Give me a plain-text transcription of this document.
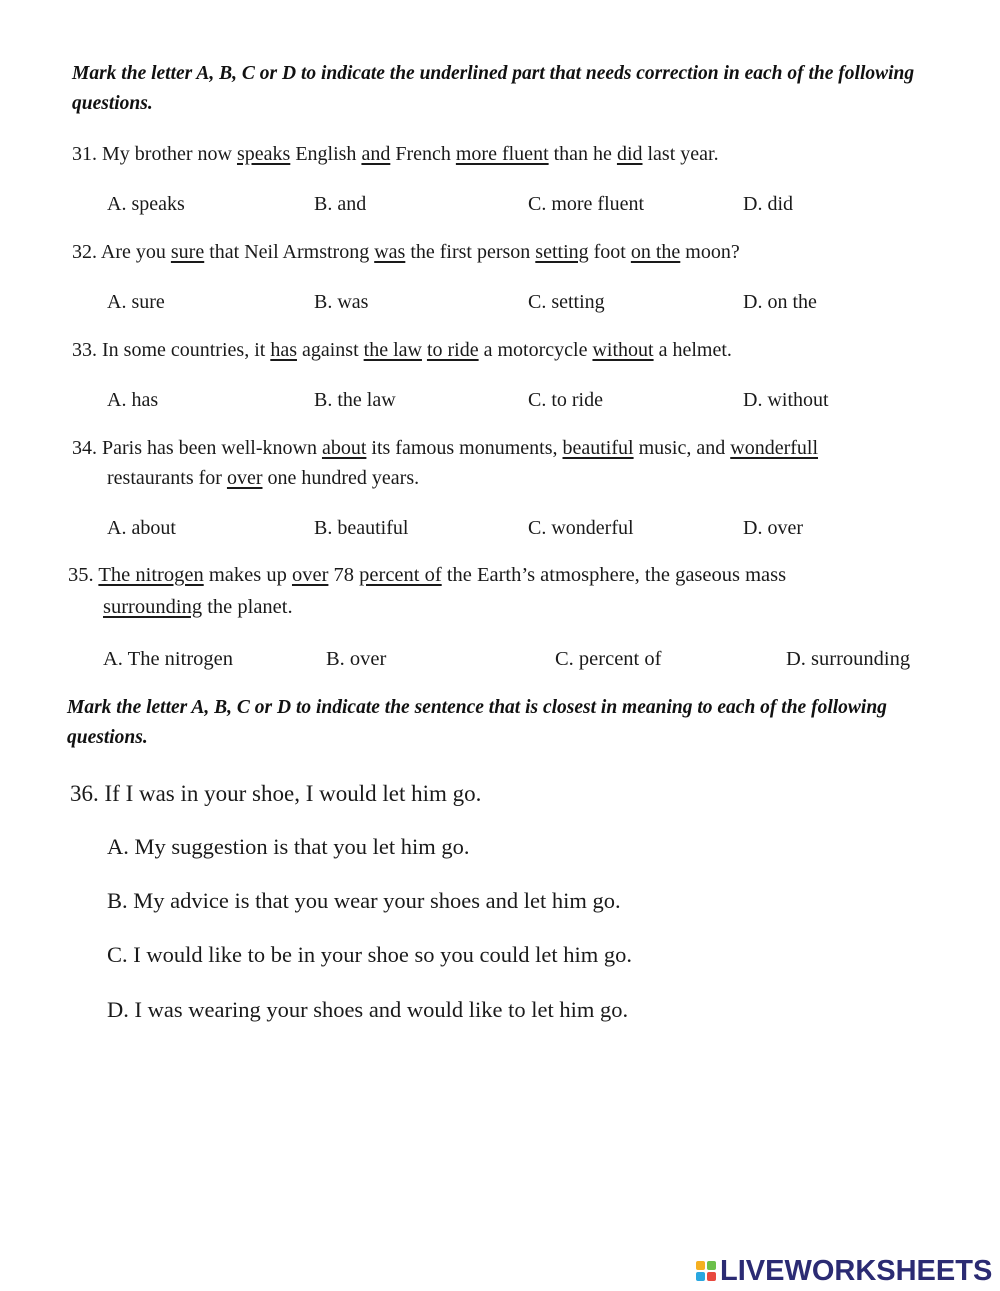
Mark the letter A, B, C or D to indicate the underlined part that needs correction in each of the following questions.
31. My brother now speaks English and French more fluent than he did last year.
A. speaks	B. and	C. more fluent	D. did
32. Are you sure that Neil Armstrong was the first person setting foot on the moon?
A. sure	B. was	C. setting	D. on the
33. In some countries, it has against the law to ride a motorcycle without a helmet.
A. has	B. the law	C. to ride	D. without
34. Paris has been well-known about its famous monuments, beautiful music, and wonderfull
restaurants for over one hundred years.
A. about	B. beautiful	C. wonderful	D. over
35. The nitrogen makes up over 78 percent of the Earth’s atmosphere, the gaseous mass
surrounding the planet.
A. The nitrogen	B. over	C. percent of	D. surrounding
Mark the letter A, B, C or D to indicate the sentence that is closest in meaning to each of the following questions.
36. If I was in your shoe, I would let him go.
A. My suggestion is that you let him go.
B. My advice is that you wear your shoes and let him go.
C. I would like to be in your shoe so you could let him go.
D. I was wearing your shoes and would like to let him go.
LIVEWORKSHEETS
